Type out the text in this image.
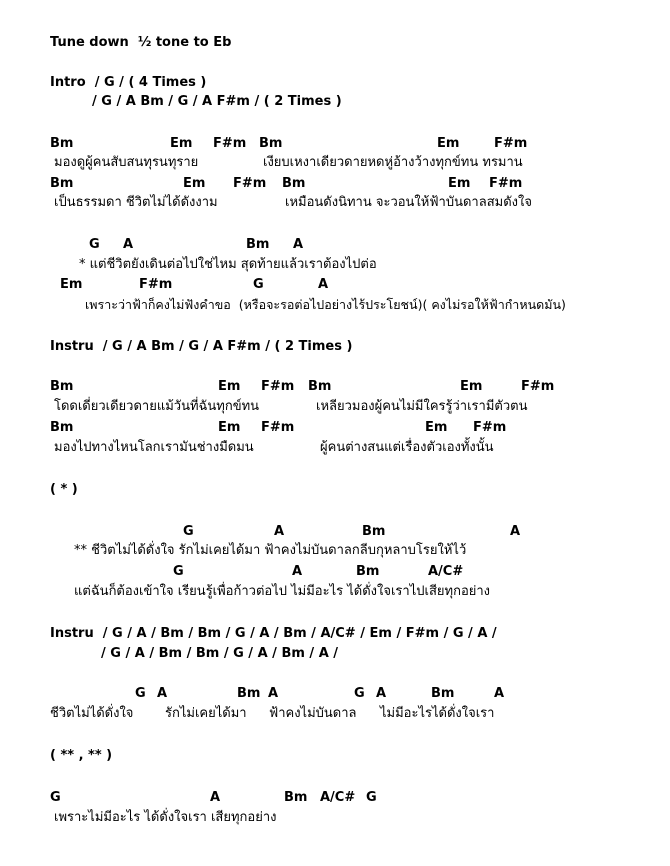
Tune down  ½ tone to Eb
Intro  / G / ( 4 Times )
/ G / A Bm / G / A F#m / ( 2 Times )
Bm	Em F#m Bm	Em	F#m
มองดูผู้คนสับสนทุรนทุราย	เงียบเหงาเดียวดายหดหู่อ้างว้างทุกข์ทน ทรมาน
Bm	Em F#m Bm	Em F#m
เป็นธรรมดา ชีวิตไม่ได้ดังงาม	เหมือนดังนิทาน จะวอนให้ฟ้าบันดาลสมดังใจ
G A	Bm A
* แต่ชีวิตยังเดินต่อไปใช่ไหม สุดท้ายแล้วเราต้องไปต่อ
Em	F#m	G	A
เพราะว่าฟ้าก็คงไม่ฟังคำขอ  (หรือจะรอต่อไปอย่างไร้ประโยชน์)( คงไม่รอให้ฟ้ากำหนดมัน)
Instru  / G / A Bm / G / A F#m / ( 2 Times )
Bm	Em F#m Bm	Em	F#m
โดดเดี่ยวเดียวดายแม้วันที่ฉันทุกข์ทน	เหลียวมองผู้คนไม่มีใครรู้ว่าเรามีตัวตน
Bm	Em F#m	Em F#m
มองไปทางไหนโลกเรามันช่างมืดมน	ผู้คนต่างสนแต่เรื่องตัวเองทั้งนั้น
( * )
G	A	Bm	A
** ชีวิตไม่ได้ดั่งใจ รักไม่เคยได้มา ฟ้าคงไม่บันดาลกลีบกุหลาบโรยให้ไว้
G	A	Bm	A/C#
แต่ฉันก็ต้องเข้าใจ เรียนรู้เพื่อก้าวต่อไป ไม่มีอะไร ได้ดั่งใจเราไปเสียทุกอย่าง
Instru  / G / A / Bm / Bm / G / A / Bm / A/C# / Em / F#m / G / A /
/ G / A / Bm / Bm / G / A / Bm / A /
G A	Bm A	G A	Bm	A
ชีวิตไม่ได้ดั่งใจ รักไม่เคยได้มา ฟ้าคงไม่บันดาล ไม่มีอะไรได้ดั่งใจเรา
( ** , ** )
G	A	Bm A/C# G
เพราะไม่มีอะไร ได้ดั่งใจเรา เสียทุกอย่าง
